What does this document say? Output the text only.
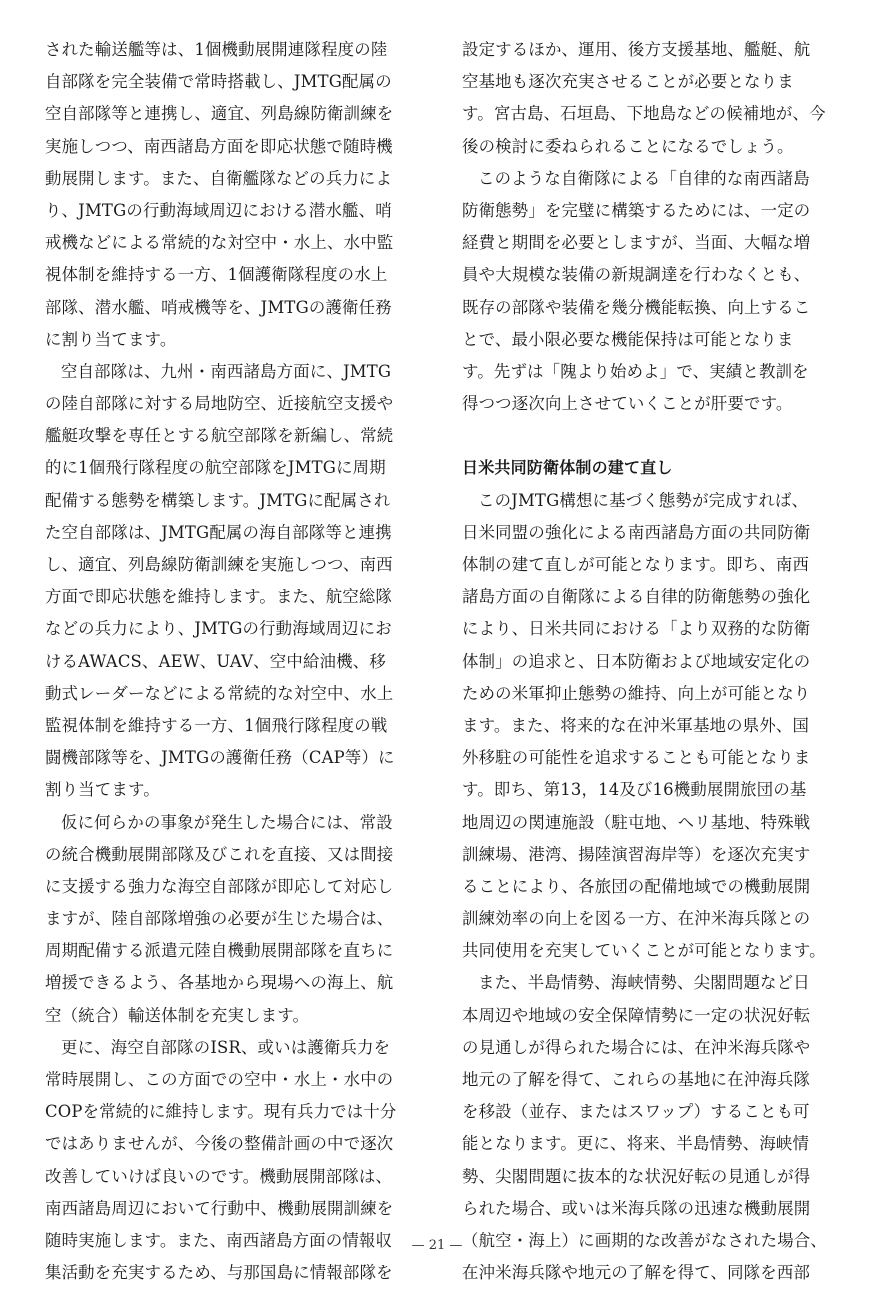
された輸送艦等は、1個機動展開連隊程度の陸
自部隊を完全装備で常時搭載し、JMTG配属の
空自部隊等と連携し、適宜、列島線防衛訓練を
実施しつつ、南西諸島方面を即応状態で随時機
動展開します。また、自衛艦隊などの兵力によ
り、JMTGの行動海域周辺における潜水艦、哨
戒機などによる常続的な対空中・水上、水中監
視体制を維持する一方、1個護衛隊程度の水上
部隊、潜水艦、哨戒機等を、JMTGの護衛任務
に割り当てます。
空自部隊は、九州・南西諸島方面に、JMTG
の陸自部隊に対する局地防空、近接航空支援や
艦艇攻撃を専任とする航空部隊を新編し、常続
的に1個飛行隊程度の航空部隊をJMTGに周期
配備する態勢を構築します。JMTGに配属され
た空自部隊は、JMTG配属の海自部隊等と連携
し、適宜、列島線防衛訓練を実施しつつ、南西
方面で即応状態を維持します。また、航空総隊
などの兵力により、JMTGの行動海域周辺にお
けるAWACS、AEW、UAV、空中給油機、移
動式レーダーなどによる常続的な対空中、水上
監視体制を維持する一方、1個飛行隊程度の戦
闘機部隊等を、JMTGの護衛任務（CAP等）に
割り当てます。
仮に何らかの事象が発生した場合には、常設
の統合機動展開部隊及びこれを直接、又は間接
に支援する強力な海空自部隊が即応して対応し
ますが、陸自部隊増強の必要が生じた場合は、
周期配備する派遣元陸自機動展開部隊を直ちに
増援できるよう、各基地から現場への海上、航
空（統合）輸送体制を充実します。
更に、海空自部隊のISR、或いは護衛兵力を
常時展開し、この方面での空中・水上・水中の
COPを常続的に維持します。現有兵力では十分
ではありませんが、今後の整備計画の中で逐次
改善していけば良いのです。機動展開部隊は、
南西諸島周辺において行動中、機動展開訓練を
随時実施します。また、南西諸島方面の情報収
集活動を充実するため、与那国島に情報部隊を
設定するほか、運用、後方支援基地、艦艇、航
空基地も逐次充実させることが必要となりま
す。宮古島、石垣島、下地島などの候補地が、今
後の検討に委ねられることになるでしょう。
このような自衛隊による「自律的な南西諸島
防衛態勢」を完璧に構築するためには、一定の
経費と期間を必要としますが、当面、大幅な増
員や大規模な装備の新規調達を行わなくとも、
既存の部隊や装備を幾分機能転換、向上するこ
とで、最小限必要な機能保持は可能となりま
す。先ずは「隗より始めよ」で、実績と教訓を
得つつ逐次向上させていくことが肝要です。
日米共同防衛体制の建て直し
このJMTG構想に基づく態勢が完成すれば、
日米同盟の強化による南西諸島方面の共同防衛
体制の建て直しが可能となります。即ち、南西
諸島方面の自衛隊による自律的防衛態勢の強化
により、日米共同における「より双務的な防衛
体制」の追求と、日本防衛および地域安定化の
ための米軍抑止態勢の維持、向上が可能となり
ます。また、将来的な在沖米軍基地の県外、国
外移駐の可能性を追求することも可能となりま
す。即ち、第13，14及び16機動展開旅団の基
地周辺の関連施設（駐屯地、ヘリ基地、特殊戦
訓練場、港湾、揚陸演習海岸等）を逐次充実す
ることにより、各旅団の配備地域での機動展開
訓練効率の向上を図る一方、在沖米海兵隊との
共同使用を充実していくことが可能となります。
また、半島情勢、海峡情勢、尖閣問題など日
本周辺や地域の安全保障情勢に一定の状況好転
の見通しが得られた場合には、在沖米海兵隊や
地元の了解を得て、これらの基地に在沖海兵隊
を移設（並存、またはスワップ）することも可
能となります。更に、将来、半島情勢、海峡情
勢、尖閣問題に抜本的な状況好転の見通しが得
られた場合、或いは米海兵隊の迅速な機動展開
（航空・海上）に画期的な改善がなされた場合、
在沖米海兵隊や地元の了解を得て、同隊を西部
— 21 —
